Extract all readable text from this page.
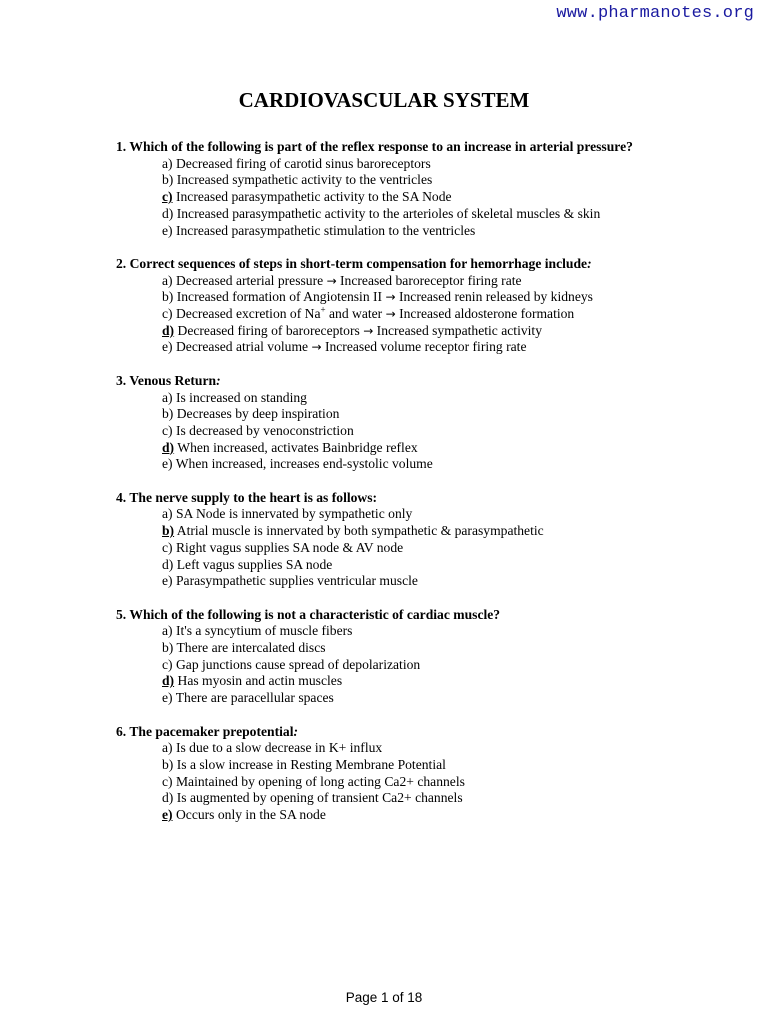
www.pharmanotes.org
CARDIOVASCULAR SYSTEM
1. Which of the following is part of the reflex response to an increase in arterial pressure?
a) Decreased firing of carotid sinus baroreceptors
b) Increased sympathetic activity to the ventricles
c) Increased parasympathetic activity to the SA Node
d) Increased parasympathetic activity to the arterioles of skeletal muscles & skin
e) Increased parasympathetic stimulation to the ventricles
2. Correct sequences of steps in short-term compensation for hemorrhage include:
a) Decreased arterial pressure → Increased baroreceptor firing rate
b) Increased formation of Angiotensin II → Increased renin released by kidneys
c) Decreased excretion of Na+ and water → Increased aldosterone formation
d) Decreased firing of baroreceptors → Increased sympathetic activity
e) Decreased atrial volume → Increased volume receptor firing rate
3. Venous Return:
a) Is increased on standing
b) Decreases by deep inspiration
c) Is decreased by venoconstriction
d) When increased, activates Bainbridge reflex
e) When increased, increases end-systolic volume
4. The nerve supply to the heart is as follows:
a) SA Node is innervated by sympathetic only
b) Atrial muscle is innervated by both sympathetic & parasympathetic
c) Right vagus supplies SA node & AV node
d) Left vagus supplies SA node
e) Parasympathetic supplies ventricular muscle
5. Which of the following is not a characteristic of cardiac muscle?
a) It's a syncytium of muscle fibers
b) There are intercalated discs
c) Gap junctions cause spread of depolarization
d) Has myosin and actin muscles
e) There are paracellular spaces
6. The pacemaker prepotential:
a) Is due to a slow decrease in K+ influx
b) Is a slow increase in Resting Membrane Potential
c) Maintained by opening of long acting Ca2+ channels
d) Is augmented by opening of transient Ca2+ channels
e) Occurs only in the SA node
Page 1 of 18
